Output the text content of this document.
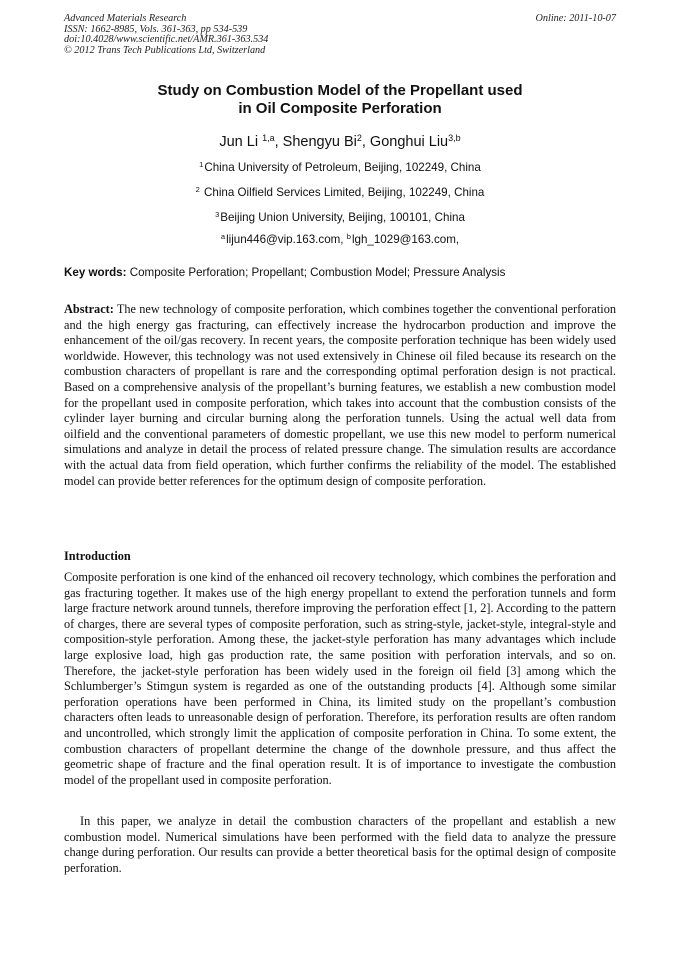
Advanced Materials Research
ISSN: 1662-8985, Vols. 361-363, pp 534-539
doi:10.4028/www.scientific.net/AMR.361-363.534
© 2012 Trans Tech Publications Ltd, Switzerland
Online: 2011-10-07
Study on Combustion Model of the Propellant used
in Oil Composite Perforation
Jun Li $^{1,a}$, Shengyu Bi$^2$, Gonghui Liu$^{3,b}$
$^1$China University of Petroleum, Beijing, 102249, China
$^2$ China Oilfield Services Limited, Beijing, 102249, China
$^3$Beijing Union University, Beijing, 100101, China
$^a$lijun446@vip.163.com, $^b$lgh_1029@163.com,
Key words: Composite Perforation; Propellant; Combustion Model; Pressure Analysis
Abstract: The new technology of composite perforation, which combines together the conventional perforation and the high energy gas fracturing, can effectively increase the hydrocarbon production and improve the enhancement of the oil/gas recovery. In recent years, the composite perforation technique has been widely used worldwide. However, this technology was not used extensively in Chinese oil filed because its research on the combustion characters of propellant is rare and the corresponding optimal perforation design is not practical. Based on a comprehensive analysis of the propellant’s burning features, we establish a new combustion model for the propellant used in composite perforation, which takes into account that the combustion consists of the cylinder layer burning and circular burning along the perforation tunnels. Using the actual well data from oilfield and the conventional parameters of domestic propellant, we use this new model to perform numerical simulations and analyze in detail the process of related pressure change. The simulation results are accordance with the actual data from field operation, which further confirms the reliability of the model. The established model can provide better references for the optimum design of composite perforation.
Introduction
Composite perforation is one kind of the enhanced oil recovery technology, which combines the perforation and gas fracturing together. It makes use of the high energy propellant to extend the perforation tunnels and form large fracture network around tunnels, therefore improving the perforation effect [1, 2]. According to the pattern of charges, there are several types of composite perforation, such as string-style, jacket-style, integral-style and composition-style perforation. Among these, the jacket-style perforation has many advantages which include large explosive load, high gas production rate, the same position with perforation intervals, and so on. Therefore, the jacket-style perforation has been widely used in the foreign oil field [3] among which the Schlumberger’s Stimgun system is regarded as one of the outstanding products [4]. Although some similar perforation operations have been performed in China, its limited study on the propellant’s combustion characters often leads to unreasonable design of perforation. Therefore, its perforation results are often random and uncontrolled, which strongly limit the application of composite perforation in China. To some extent, the combustion characters of propellant determine the change of the downhole pressure, and thus affect the geometric shape of fracture and the final operation result. It is of importance to investigate the combustion model of the propellant used in composite perforation.
In this paper, we analyze in detail the combustion characters of the propellant and establish a new combustion model. Numerical simulations have been performed with the field data to analyze the pressure change during perforation. Our results can provide a better theoretical basis for the optimal design of composite perforation.
